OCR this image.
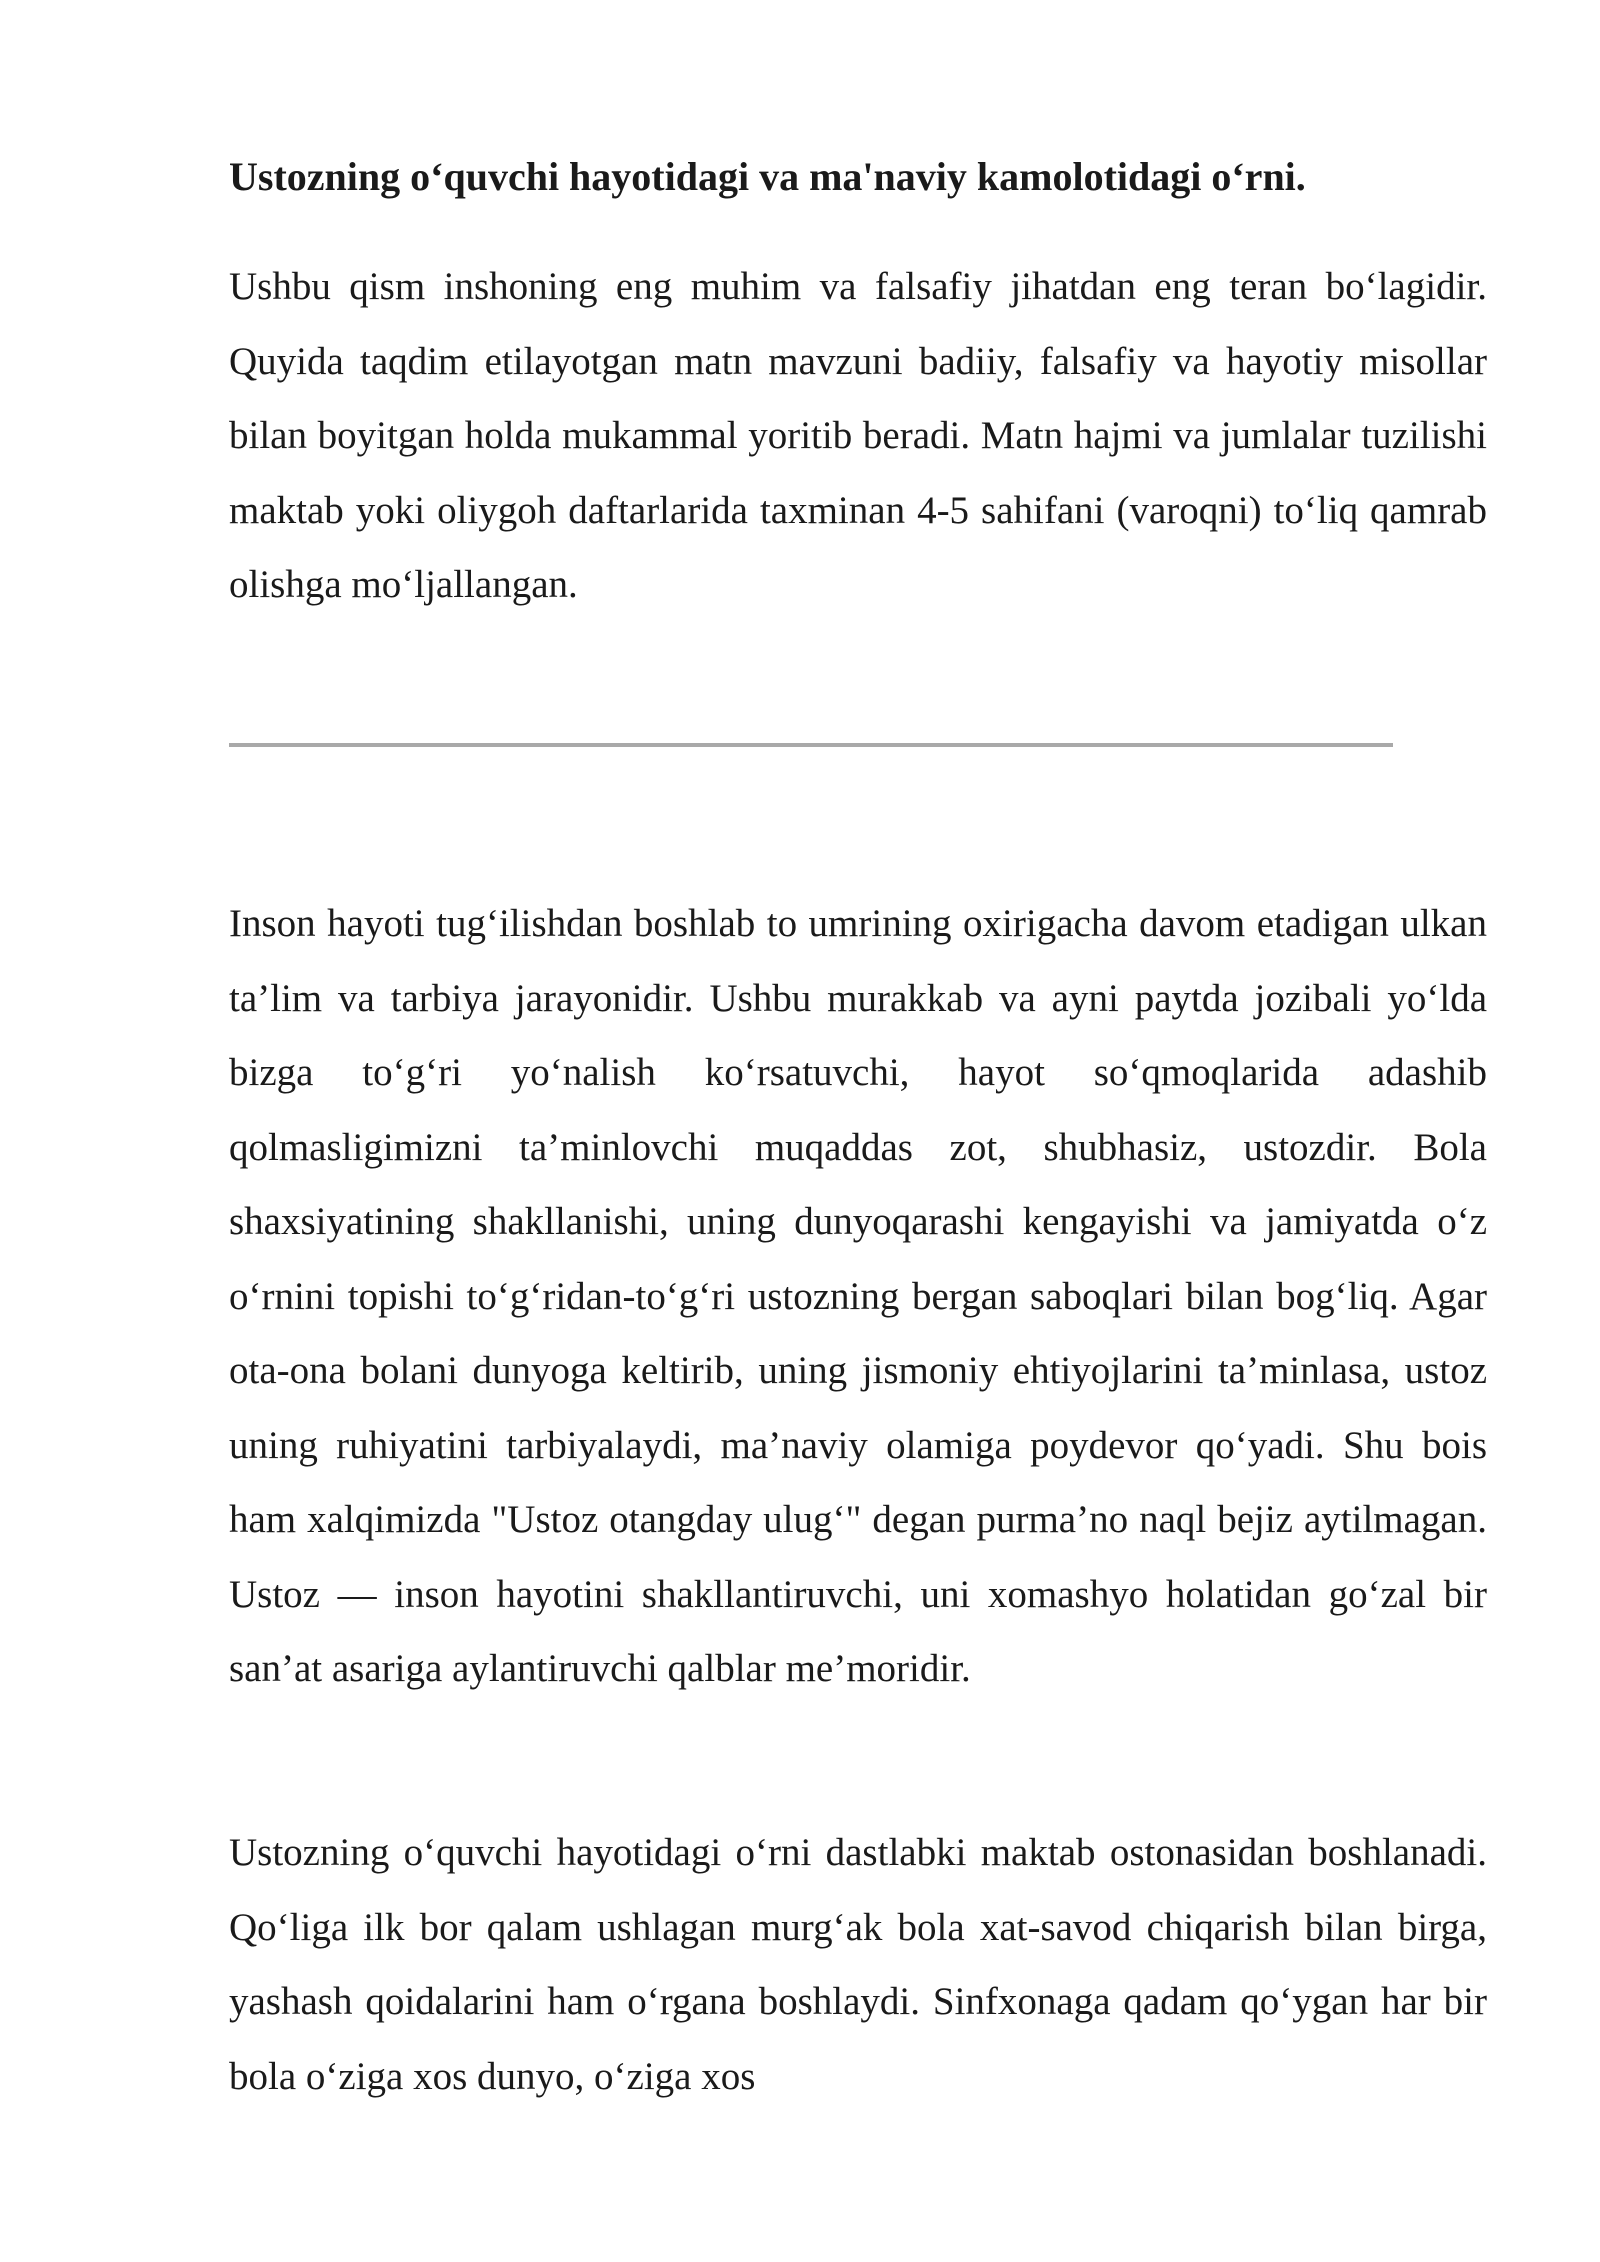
Ustozning o‘quvchi hayotidagi va ma'naviy kamolotidagi o‘rni.

Ushbu qism inshoning eng muhim va falsafiy jihatdan eng teran bo‘lagidir. Quyida taqdim etilayotgan matn mavzuni badiiy, falsafiy va hayotiy misollar bilan boyitgan holda mukammal yoritib beradi. Matn hajmi va jumlalar tuzilishi maktab yoki oliygoh daftarlarida taxminan 4-5 sahifani (varoqni) to‘liq qamrab olishga mo‘ljallangan.

Inson hayoti tug‘ilishdan boshlab to umrining oxirigacha davom etadigan ulkan ta’lim va tarbiya jarayonidir. Ushbu murakkab va ayni paytda jozibali yo‘lda bizga to‘g‘ri yo‘nalish ko‘rsatuvchi, hayot so‘qmoqlarida adashib qolmasligimizni ta’minlovchi muqaddas zot, shubhasiz, ustozdir. Bola shaxsiyatining shakllanishi, uning dunyoqarashi kengayishi va jamiyatda o‘z o‘rnini topishi to‘g‘ridan-to‘g‘ri ustozning bergan saboqlari bilan bog‘liq. Agar ota-ona bolani dunyoga keltirib, uning jismoniy ehtiyojlarini ta’minlasa, ustoz uning ruhiyatini tarbiyalaydi, ma’naviy olamiga poydevor qo‘yadi. Shu bois ham xalqimizda "Ustoz otangday ulug‘" degan purma’no naql bejiz aytilmagan. Ustoz — inson hayotini shakllantiruvchi, uni xomashyo holatidan go‘zal bir san’at asariga aylantiruvchi qalblar me’moridir.

Ustozning o‘quvchi hayotidagi o‘rni dastlabki maktab ostonasidan boshlanadi. Qo‘liga ilk bor qalam ushlagan murg‘ak bola xat-savod chiqarish bilan birga, yashash qoidalarini ham o‘rgana boshlaydi. Sinfxonaga qadam qo‘ygan har bir bola o‘ziga xos dunyo, o‘ziga xos
